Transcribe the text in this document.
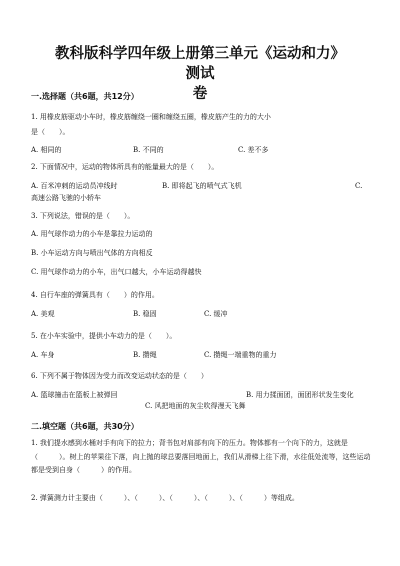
教科版科学四年级上册第三单元《运动和力》测试
卷
一.选择题（共6题，共12分）
1. 用橡皮筋驱动小车时，橡皮筋缠绕一圈和缠绕五圈，橡皮筋产生的力的大小
是（　　）。
A. 相同的	B. 不同的	C. 差不多
2. 下面情况中，运动的物体所具有的能量最大的是（　　）。
A. 百米冲刺的运动员冲线时	B. 即将起飞的喷气式飞机	C.
高速公路飞驰的小轿车
3. 下列说法，错误的是（　　）。
A. 用气球作动力的小车是靠拉力运动的
B. 小车运动方向与喷出气体的方向相反
C. 用气球作动力的小车，出气口越大，小车运动得越快
4. 自行车座的弹簧具有（　　）的作用。
A. 美观	B. 稳固	C. 缓冲
5. 在小车实验中，提供小车动力的是（　　）。
A. 车身	B. 攒绳	C. 攒绳一端重物的重力
6. 下列不属于物体因为受力而改变运动状态的是（　　）
A. 篮球撞击在篮板上被弹回	B. 用力揉面团，面团形状发生变化
C. 风把地面的灰尘吹得漫天飞舞
二.填空题（共6题，共30分）
1. 我们提水感到水桶对手有向下的拉力；背书包对肩部有向下的压力。物体都有一个向下的力，这就是（　　　）。树上的苹果往下落，向上抛的球总要落回地面上，我们从滑梯上往下滑，水往低处流等，这些运动都是受到自身（　　　）的作用。
2. 弹簧测力计主要由（　　　）、（　　　）、（　　　）、（　　　）、（　　　）等组成。
